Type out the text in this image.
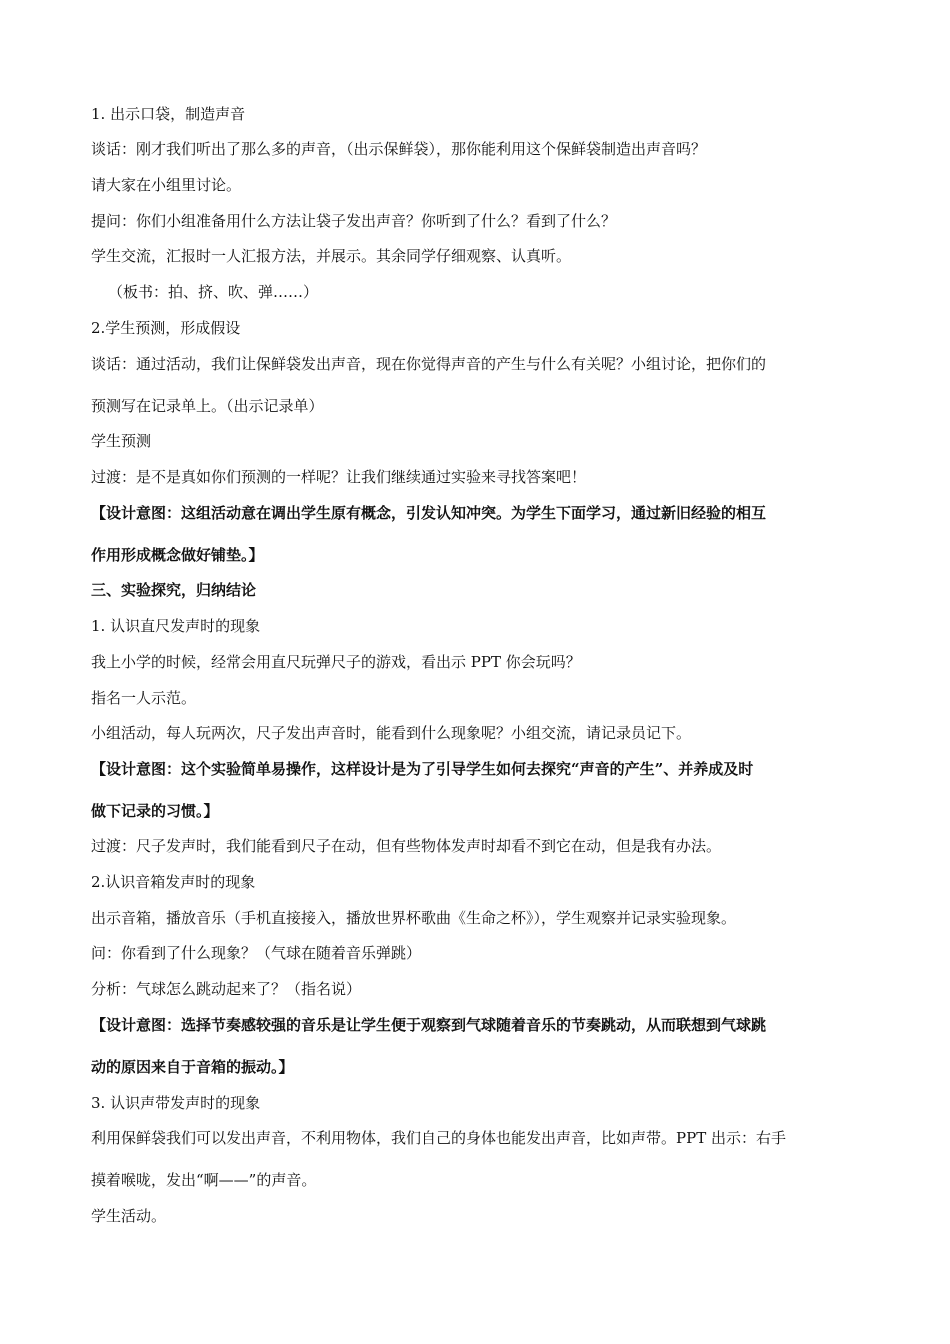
1. 出示口袋，制造声音
谈话：刚才我们听出了那么多的声音，（出示保鲜袋），那你能利用这个保鲜袋制造出声音吗？
请大家在小组里讨论。
提问：你们小组准备用什么方法让袋子发出声音？你听到了什么？看到了什么？
学生交流，汇报时一人汇报方法，并展示。其余同学仔细观察、认真听。
（板书：拍、挤、吹、弹……）
2.学生预测，形成假设
谈话：通过活动，我们让保鲜袋发出声音，现在你觉得声音的产生与什么有关呢？小组讨论，把你们的
预测写在记录单上。（出示记录单）
学生预测
过渡：是不是真如你们预测的一样呢？让我们继续通过实验来寻找答案吧！
【设计意图：这组活动意在调出学生原有概念，引发认知冲突。为学生下面学习，通过新旧经验的相互
作用形成概念做好铺垫。】
三、实验探究，归纳结论
1. 认识直尺发声时的现象
我上小学的时候，经常会用直尺玩弹尺子的游戏，看出示 PPT 你会玩吗？
指名一人示范。
小组活动，每人玩两次，尺子发出声音时，能看到什么现象呢？小组交流，请记录员记下。
【设计意图：这个实验简单易操作，这样设计是为了引导学生如何去探究“声音的产生”、并养成及时
做下记录的习惯。】
过渡：尺子发声时，我们能看到尺子在动，但有些物体发声时却看不到它在动，但是我有办法。
2.认识音箱发声时的现象
出示音箱，播放音乐（手机直接接入，播放世界杯歌曲《生命之杯》），学生观察并记录实验现象。
问：你看到了什么现象？（气球在随着音乐弹跳）
分析：气球怎么跳动起来了？（指名说）
【设计意图：选择节奏感较强的音乐是让学生便于观察到气球随着音乐的节奏跳动，从而联想到气球跳
动的原因来自于音箱的振动。】
3. 认识声带发声时的现象
利用保鲜袋我们可以发出声音，不利用物体，我们自己的身体也能发出声音，比如声带。PPT 出示：右手
摸着喉咙，发出“啊——”的声音。
学生活动。
